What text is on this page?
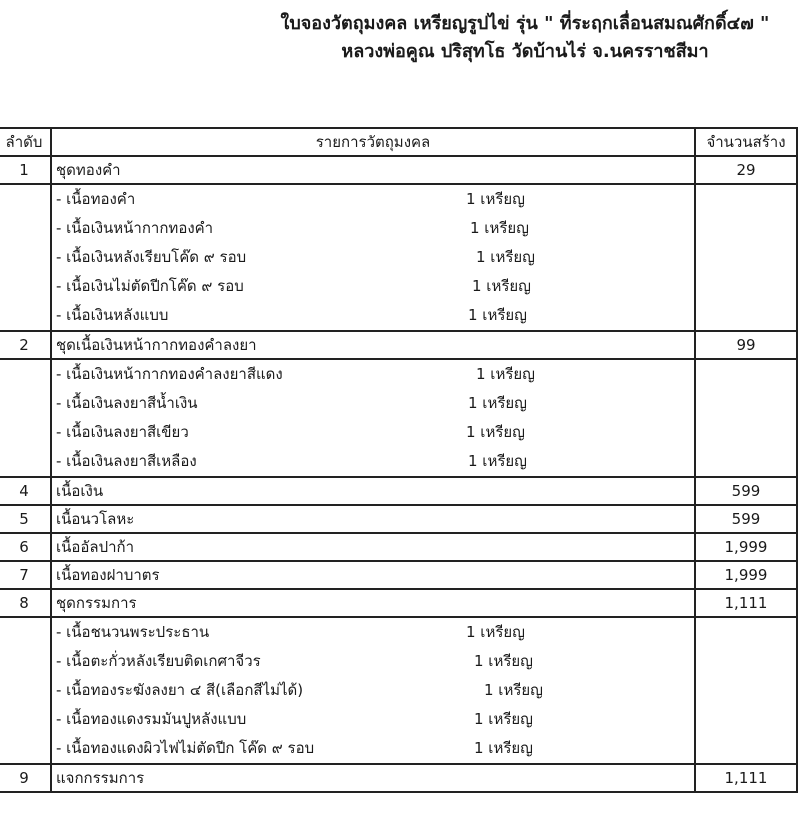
ใบจองวัตถุมงคล เหรียญรูปไข่ รุ่น " ที่ระฤกเลื่อนสมณศักดิ์๔๗ "
หลวงพ่อคูณ ปริสุทโธ วัดบ้านไร่ จ.นครราชสีมา
ลำดับ	รายการวัตถุมงคล	จำนวนสร้าง
1	ชุดทองคำ	29

- เนื้อทองคำ	1 เหรียญ
- เนื้อเงินหน้ากากทองคำ	1 เหรียญ
- เนื้อเงินหลังเรียบโค๊ด ๙ รอบ	1 เหรียญ
- เนื้อเงินไม่ตัดปีกโค๊ด ๙ รอบ	1 เหรียญ
- เนื้อเงินหลังแบบ	1 เหรียญ

2	ชุดเนื้อเงินหน้ากากทองคำลงยา	99

- เนื้อเงินหน้ากากทองคำลงยาสีแดง	1 เหรียญ
- เนื้อเงินลงยาสีน้ำเงิน	1 เหรียญ
- เนื้อเงินลงยาสีเขียว	1 เหรียญ
- เนื้อเงินลงยาสีเหลือง	1 เหรียญ

4	เนื้อเงิน	599
5	เนื้อนวโลหะ	599
6	เนื้ออัลปาก้า	1,999
7	เนื้อทองฝาบาตร	1,999
8	ชุดกรรมการ	1,111

- เนื้อชนวนพระประธาน	1 เหรียญ
- เนื้อตะกั่วหลังเรียบติดเกศาจีวร	1 เหรียญ
- เนื้อทองระฆังลงยา ๔ สี(เลือกสีไม่ได้)	1 เหรียญ
- เนื้อทองแดงรมมันปูหลังแบบ	1 เหรียญ
- เนื้อทองแดงผิวไฟไม่ตัดปีก โค๊ด ๙ รอบ	1 เหรียญ

9	แจกกรรมการ	1,111
